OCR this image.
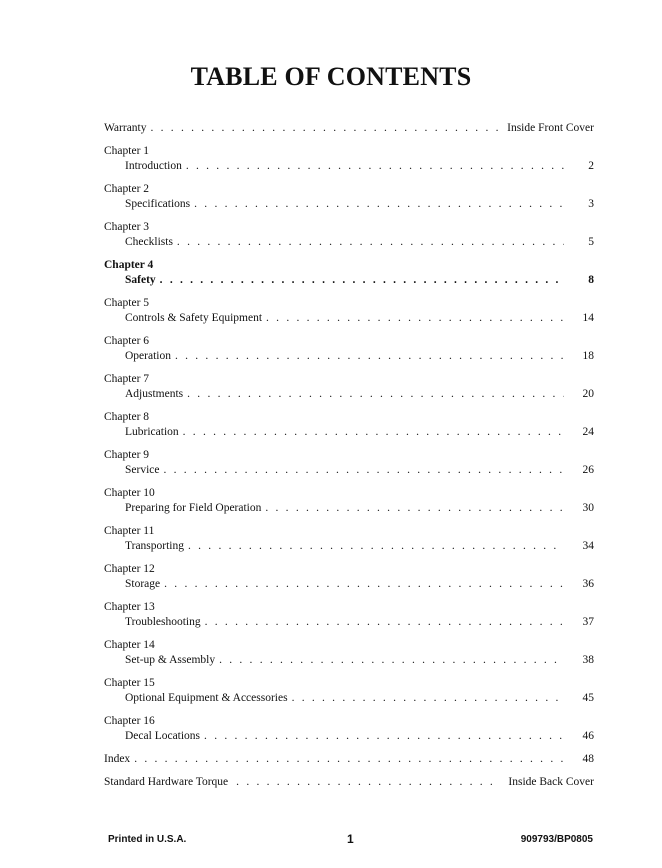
TABLE OF CONTENTS
Warranty . . .	Inside Front Cover
Chapter 1
Introduction . . .	2
Chapter 2
Specifications . . .	3
Chapter 3
Checklists . . .	5
Chapter 4
Safety . . .	8
Chapter 5
Controls & Safety Equipment . . .	14
Chapter 6
Operation . . .	18
Chapter 7
Adjustments . . .	20
Chapter 8
Lubrication . . .	24
Chapter 9
Service . . .	26
Chapter 10
Preparing for Field Operation . . .	30
Chapter 11
Transporting . . .	34
Chapter 12
Storage . . .	36
Chapter 13
Troubleshooting . . .	37
Chapter 14
Set-up & Assembly . . .	38
Chapter 15
Optional Equipment & Accessories . . .	45
Chapter 16
Decal Locations . . .	46
Index . . .	48
Standard Hardware Torque . . .	Inside Back Cover
Printed in U.S.A.	1	909793/BP0805
